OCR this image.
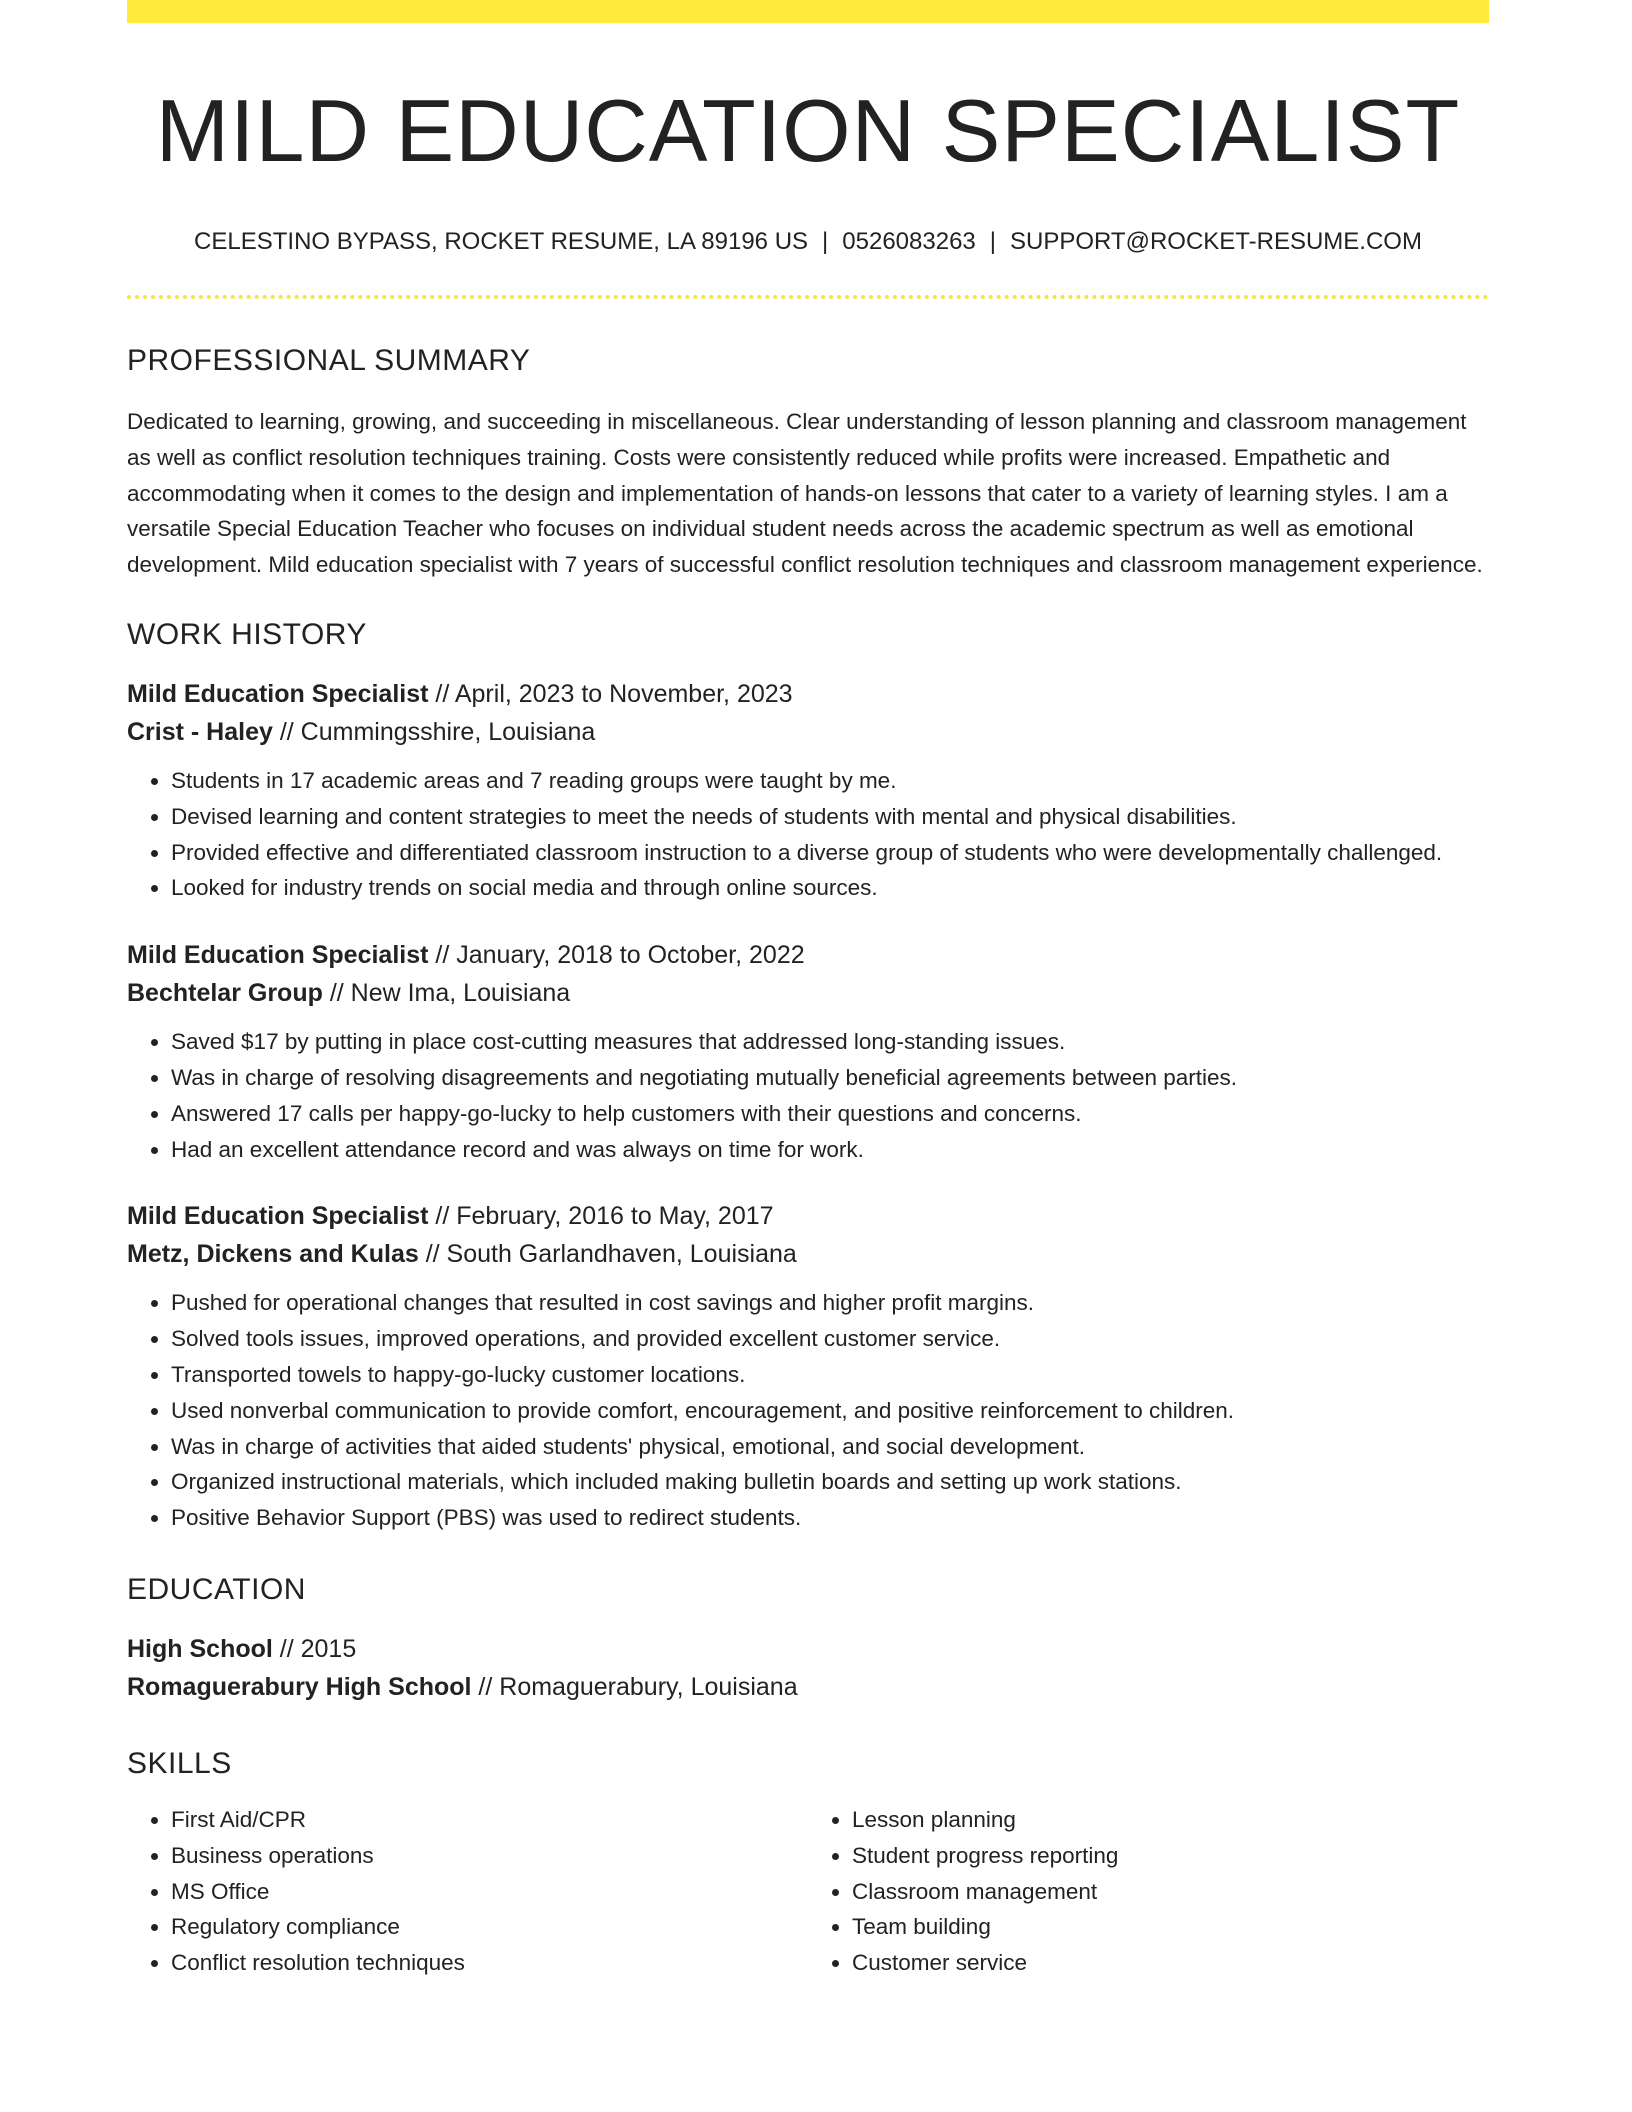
MILD EDUCATION SPECIALIST
CELESTINO BYPASS, ROCKET RESUME, LA 89196 US | 0526083263 | SUPPORT@ROCKET-RESUME.COM
PROFESSIONAL SUMMARY

Dedicated to learning, growing, and succeeding in miscellaneous. Clear understanding of lesson planning and classroom management as well as conflict resolution techniques training. Costs were consistently reduced while profits were increased. Empathetic and accommodating when it comes to the design and implementation of hands-on lessons that cater to a variety of learning styles. I am a versatile Special Education Teacher who focuses on individual student needs across the academic spectrum as well as emotional development. Mild education specialist with 7 years of successful conflict resolution techniques and classroom management experience.

WORK HISTORY
Mild Education Specialist // April, 2023 to November, 2023
Crist - Haley // Cummingsshire, Louisiana
• Students in 17 academic areas and 7 reading groups were taught by me.
• Devised learning and content strategies to meet the needs of students with mental and physical disabilities.
• Provided effective and differentiated classroom instruction to a diverse group of students who were developmentally challenged.
• Looked for industry trends on social media and through online sources.
Mild Education Specialist // January, 2018 to October, 2022
Bechtelar Group // New Ima, Louisiana
• Saved $17 by putting in place cost-cutting measures that addressed long-standing issues.
• Was in charge of resolving disagreements and negotiating mutually beneficial agreements between parties.
• Answered 17 calls per happy-go-lucky to help customers with their questions and concerns.
• Had an excellent attendance record and was always on time for work.
Mild Education Specialist // February, 2016 to May, 2017
Metz, Dickens and Kulas // South Garlandhaven, Louisiana
• Pushed for operational changes that resulted in cost savings and higher profit margins.
• Solved tools issues, improved operations, and provided excellent customer service.
• Transported towels to happy-go-lucky customer locations.
• Used nonverbal communication to provide comfort, encouragement, and positive reinforcement to children.
• Was in charge of activities that aided students' physical, emotional, and social development.
• Organized instructional materials, which included making bulletin boards and setting up work stations.
• Positive Behavior Support (PBS) was used to redirect students.
EDUCATION
High School // 2015
Romaguerabury High School // Romaguerabury, Louisiana
SKILLS
• First Aid/CPR
• Business operations
• MS Office
• Regulatory compliance
• Conflict resolution techniques
• Lesson planning
• Student progress reporting
• Classroom management
• Team building
• Customer service
